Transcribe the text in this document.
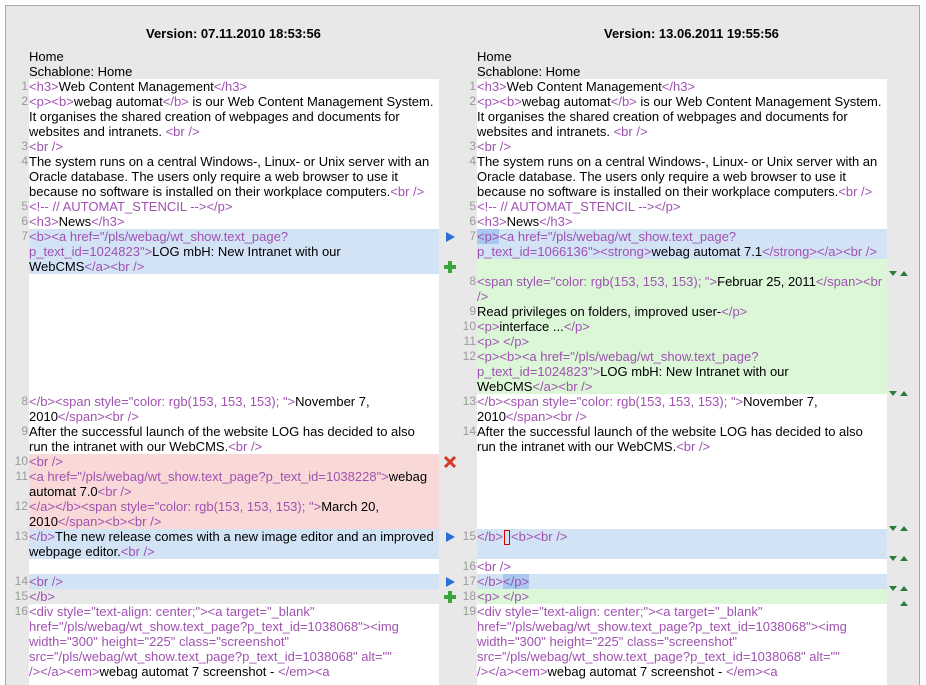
Version: 07.11.2010 18:53:56	Version: 13.06.2011 19:55:56
Home
Schablone: Home
Home
Schablone: Home
1 <h3>Web Content Management</h3>
2 <p><b>webag automat</b> is our Web Content Management System.
It organises the shared creation of webpages and documents for
websites and intranets. <br />
3 <br />
4 The system runs on a central Windows-, Linux- or Unix server with an
Oracle database. The users only require a web browser to use it
because no software is installed on their workplace computers.<br />
5 <!-- // AUTOMAT_STENCIL --></p>
6 <h3>News</h3>
7 <b><a href="/pls/webag/wt_show.text_page?
p_text_id=1024823">LOG mbH: New Intranet with our
WebCMS</a><br />
8 </b><span style="color: rgb(153, 153, 153); ">November 7,
2010</span><br />
9 After the successful launch of the website LOG has decided to also
run the intranet with our WebCMS.<br />
10 <br />
11 <a href="/pls/webag/wt_show.text_page?p_text_id=1038228">webag
automat 7.0<br />
12 </a></b><span style="color: rgb(153, 153, 153); ">March 20,
2010</span><b><br />
13 </b>The new release comes with a new image editor and an improved
webpage editor.<br />
14 <br />
15 </b>
16 <div style="text-align: center;"><a target="_blank"
href="/pls/webag/wt_show.text_page?p_text_id=1038068"><img
width="300" height="225" class="screenshot"
src="/pls/webag/wt_show.text_page?p_text_id=1038068" alt=""
/></a><em>webag automat 7 screenshot - </em><a
1 <h3>Web Content Management</h3>
2 <p><b>webag automat</b> is our Web Content Management System.
It organises the shared creation of webpages and documents for
websites and intranets. <br />
3 <br />
4 The system runs on a central Windows-, Linux- or Unix server with an
Oracle database. The users only require a web browser to use it
because no software is installed on their workplace computers.<br />
5 <!-- // AUTOMAT_STENCIL --></p>
6 <h3>News</h3>
7 <p><a href="/pls/webag/wt_show.text_page?
p_text_id=1066136"><strong>webag automat 7.1</strong></a><br />
8 <span style="color: rgb(153, 153, 153); ">Februar 25, 2011</span><br
/>
9 Read privileges on folders, improved user-</p>
10 <p>interface ...</p>
11 <p> </p>
12 <p><b><a href="/pls/webag/wt_show.text_page?
p_text_id=1024823">LOG mbH: New Intranet with our
WebCMS</a><br />
13 </b><span style="color: rgb(153, 153, 153); ">November 7,
2010</span><br />
14 After the successful launch of the website LOG has decided to also
run the intranet with our WebCMS.<br />
15 </b> <b><br />
16 <br />
17 </b></p>
18 <p> </p>
19 <div style="text-align: center;"><a target="_blank"
href="/pls/webag/wt_show.text_page?p_text_id=1038068"><img
width="300" height="225" class="screenshot"
src="/pls/webag/wt_show.text_page?p_text_id=1038068" alt=""
/></a><em>webag automat 7 screenshot - </em><a
